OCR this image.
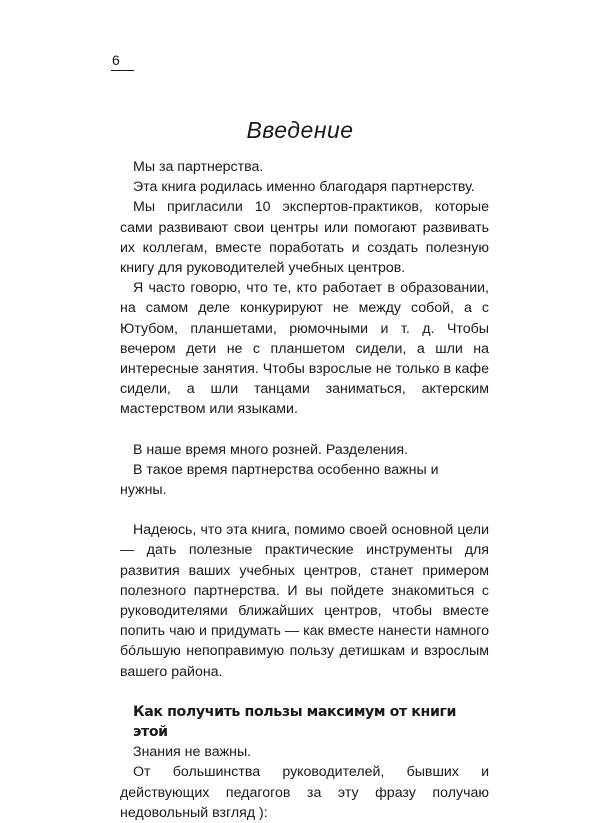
6
Введение

Мы за партнерства.

Эта книга родилась именно благодаря партнерству.

Мы пригласили 10 экспертов-практиков, которые сами развивают свои центры или помогают развивать их коллегам, вместе поработать и создать полезную книгу для руководителей учебных центров.

Я часто говорю, что те, кто работает в образовании, на самом деле конкурируют не между собой, а с Ютубом, планшетами, рюмочными и т. д. Чтобы вечером дети не с планшетом сидели, а шли на интересные занятия. Чтобы взрослые не только в кафе сидели, а шли танцами заниматься, актерским мастерством или языками.

В наше время много розней. Разделения.

В такое время партнерства особенно важны и нужны.

Надеюсь, что эта книга, помимо своей основной цели — дать полезные практические инструменты для развития ваших учебных центров, станет примером полезного партнерства. И вы пойдете знакомиться с руководителями ближайших центров, чтобы вместе попить чаю и придумать — как вместе нанести намного бóльшую непоправимую пользу детишкам и взрослым вашего района.

Как получить пользы максимум от книги этой

Знания не важны.

От большинства руководителей, бывших и действующих педагогов за эту фразу получаю недовольный взгляд ):
